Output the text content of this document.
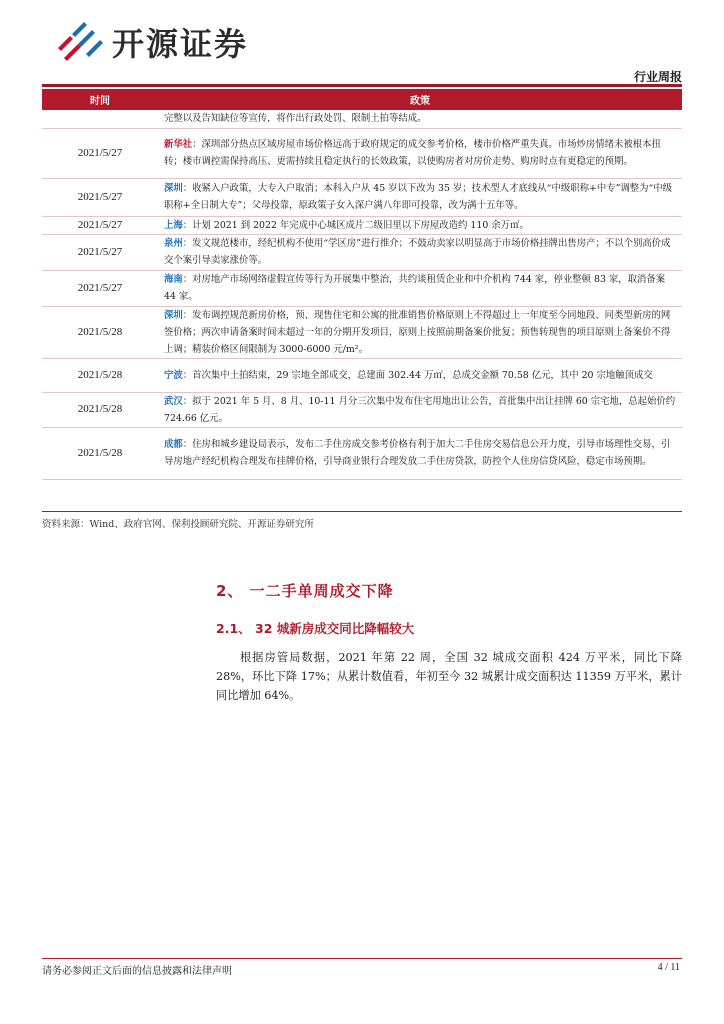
开源证券
行业周报
时间	政策
	完整以及告知缺位等宣传，将作出行政处罚、限制土拍等结成。
2021/5/27	新华社：深圳部分热点区域房屋市场价格远高于政府规定的成交参考价格，楼市价格严重失真。市场炒房情绪未被根本扭转；楼市调控需保持高压、更需持续且稳定执行的长效政策，以使购房者对房价走势、购房时点有更稳定的预期。
2021/5/27	深圳：收紧入户政策，大专入户取消；本科入户从 45 岁以下改为 35 岁；技术型人才底线从“中级职称+中专”调整为“中级职称+全日制大专”；父母投靠，原政策子女入深户满八年即可投靠，改为满十五年等。
2021/5/27	上海：计划 2021 到 2022 年完成中心城区成片二级旧里以下房屋改造约 110 余万㎡。
2021/5/27	泉州：发文规范楼市，经纪机构不使用“学区房”进行推介；不鼓动卖家以明显高于市场价格挂牌出售房产；不以个别高价成交个案引导卖家涨价等。
2021/5/27	海南：对房地产市场网络虚假宣传等行为开展集中整治，共约谈租赁企业和中介机构 744 家，停业整顿 83 家，取消备案 44 家。
2021/5/28	深圳：发布调控规范新房价格，预、现售住宅和公寓的批准销售价格原则上不得超过上一年度至今同地段、同类型新房的网签价格；两次申请备案时间未超过一年的分期开发项目，原则上按照前期备案价批复；预售转现售的项目原则上备案价不得上调；精装价格区间限制为 3000-6000 元/m²。
2021/5/28	宁波：首次集中土拍结束，29 宗地全部成交，总建面 302.44 万㎡，总成交金额 70.58 亿元，其中 20 宗地触顶成交
2021/5/28	武汉：拟于 2021 年 5 月、8 月、10-11 月分三次集中发布住宅用地出让公告，首批集中出让挂牌 60 宗宅地，总起始价约 724.66 亿元。
2021/5/28	成都：住房和城乡建设局表示，发布二手住房成交参考价格有利于加大二手住房交易信息公开力度，引导市场理性交易，引导房地产经纪机构合理发布挂牌价格，引导商业银行合理发放二手住房贷款，防控个人住房信贷风险，稳定市场预期。
资料来源：Wind、政府官网、保利投顾研究院、开源证券研究所
2、 一二手单周成交下降
2.1、 32 城新房成交同比降幅较大

根据房管局数据，2021 年第 22 周，全国 32 城成交面积 424 万平米，同比下降 28%，环比下降 17%；从累计数值看，年初至今 32 城累计成交面积达 11359 万平米，累计同比增加 64%。

请务必参阅正文后面的信息披露和法律声明	4 / 11
